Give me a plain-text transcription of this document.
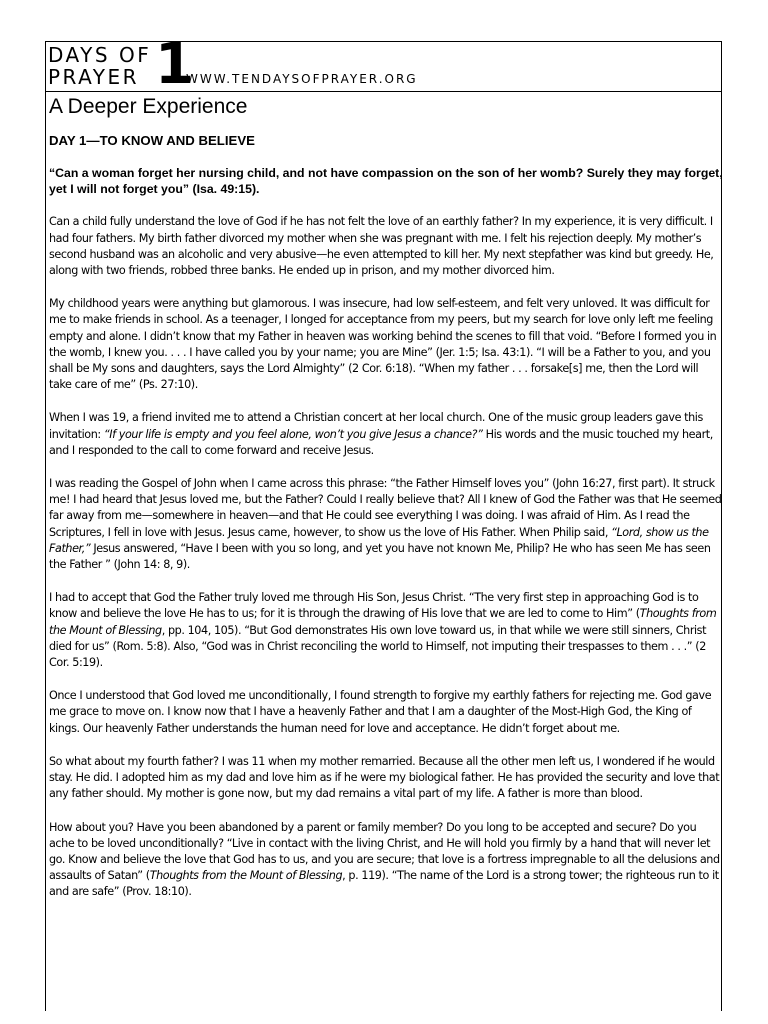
DAYS OF
PRAYER 1
WWW.TENDAYSOFPRAYER.ORG
A Deeper Experience
DAY 1—TO KNOW AND BELIEVE

“Can a woman forget her nursing child, and not have compassion on the son of her womb? Surely they may forget, yet I will not forget you” (Isa. 49:15).

Can a child fully understand the love of God if he has not felt the love of an earthly father? In my experience, it is very difficult. I had four fathers. My birth father divorced my mother when she was pregnant with me. I felt his rejection deeply. My mother’s second husband was an alcoholic and very abusive—he even attempted to kill her. My next stepfather was kind but greedy. He, along with two friends, robbed three banks. He ended up in prison, and my mother divorced him.

My childhood years were anything but glamorous. I was insecure, had low self-esteem, and felt very unloved. It was difficult for me to make friends in school. As a teenager, I longed for acceptance from my peers, but my search for love only left me feeling empty and alone. I didn’t know that my Father in heaven was working behind the scenes to fill that void. “Before I formed you in the womb, I knew you. . . . I have called you by your name; you are Mine” (Jer. 1:5; Isa. 43:1). “I will be a Father to you, and you shall be My sons and daughters, says the Lord Almighty” (2 Cor. 6:18). “When my father . . . forsake[s] me, then the Lord will take care of me” (Ps. 27:10).

When I was 19, a friend invited me to attend a Christian concert at her local church. One of the music group leaders gave this invitation: “If your life is empty and you feel alone, won’t you give Jesus a chance?” His words and the music touched my heart, and I responded to the call to come forward and receive Jesus.

I was reading the Gospel of John when I came across this phrase: “the Father Himself loves you” (John 16:27, first part). It struck me! I had heard that Jesus loved me, but the Father? Could I really believe that? All I knew of God the Father was that He seemed far away from me—somewhere in heaven—and that He could see everything I was doing. I was afraid of Him. As I read the Scriptures, I fell in love with Jesus. Jesus came, however, to show us the love of His Father. When Philip said, “Lord, show us the Father,” Jesus answered, “Have I been with you so long, and yet you have not known Me, Philip? He who has seen Me has seen the Father ” (John 14: 8, 9).

I had to accept that God the Father truly loved me through His Son, Jesus Christ. “The very first step in approaching God is to know and believe the love He has to us; for it is through the drawing of His love that we are led to come to Him” (Thoughts from the Mount of Blessing, pp. 104, 105). “But God demonstrates His own love toward us, in that while we were still sinners, Christ died for us” (Rom. 5:8). Also, “God was in Christ reconciling the world to Himself, not imputing their trespasses to them . . .” (2 Cor. 5:19).

Once I understood that God loved me unconditionally, I found strength to forgive my earthly fathers for rejecting me. God gave me grace to move on. I know now that I have a heavenly Father and that I am a daughter of the Most-High God, the King of kings. Our heavenly Father understands the human need for love and acceptance. He didn’t forget about me.

So what about my fourth father? I was 11 when my mother remarried. Because all the other men left us, I wondered if he would stay. He did. I adopted him as my dad and love him as if he were my biological father. He has provided the security and love that any father should. My mother is gone now, but my dad remains a vital part of my life. A father is more than blood.

How about you? Have you been abandoned by a parent or family member? Do you long to be accepted and secure? Do you ache to be loved unconditionally? “Live in contact with the living Christ, and He will hold you firmly by a hand that will never let go. Know and believe the love that God has to us, and you are secure; that love is a fortress impregnable to all the delusions and assaults of Satan” (Thoughts from the Mount of Blessing, p. 119). “The name of the Lord is a strong tower; the righteous run to it and are safe” (Prov. 18:10).
